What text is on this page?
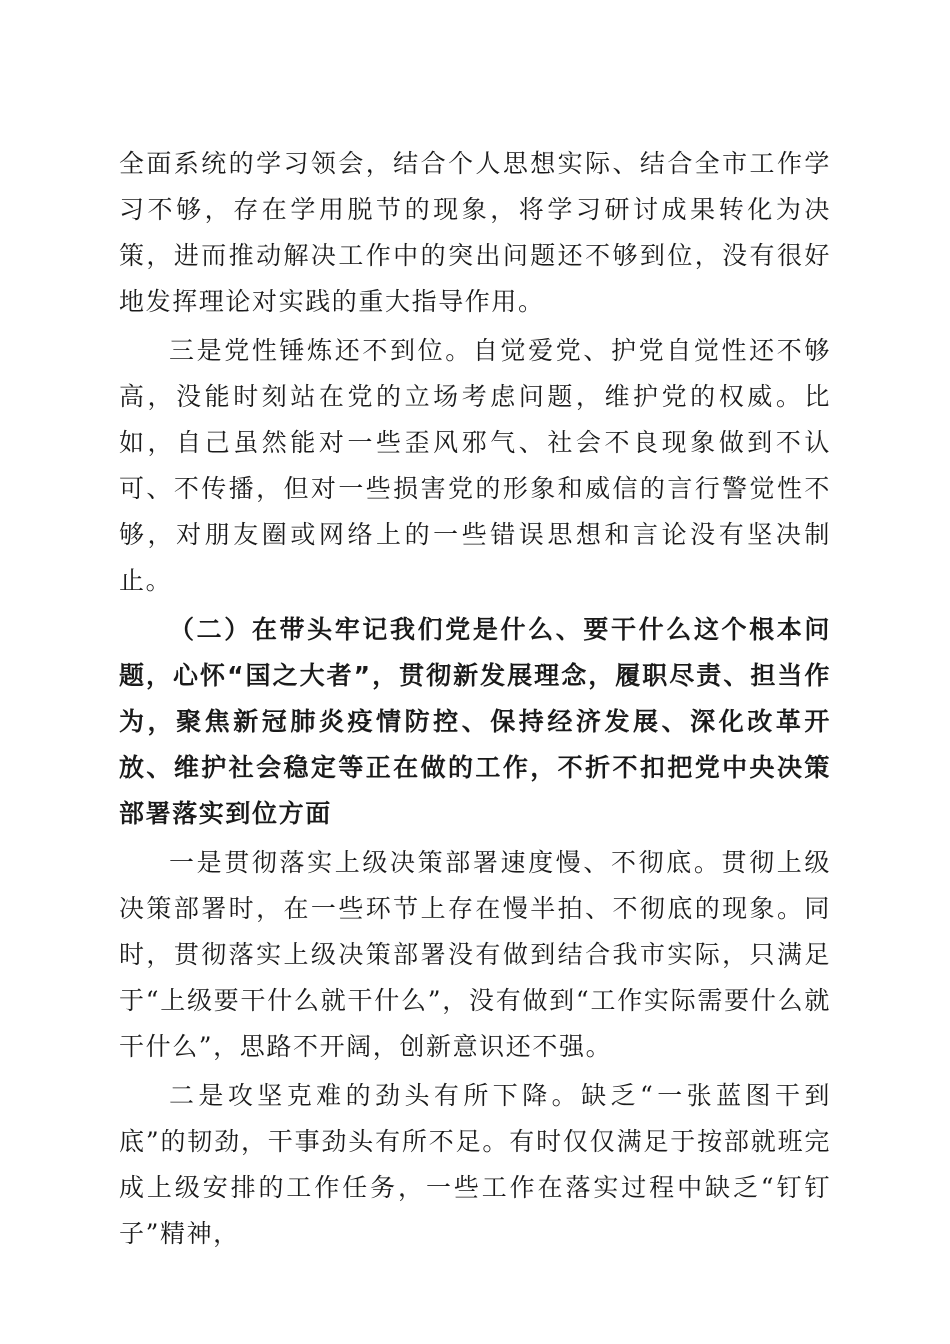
全面系统的学习领会，结合个人思想实际、结合全市工作学习不够，存在学用脱节的现象，将学习研讨成果转化为决策，进而推动解决工作中的突出问题还不够到位，没有很好地发挥理论对实践的重大指导作用。

三是党性锤炼还不到位。自觉爱党、护党自觉性还不够高，没能时刻站在党的立场考虑问题，维护党的权威。比如，自己虽然能对一些歪风邪气、社会不良现象做到不认可、不传播，但对一些损害党的形象和威信的言行警觉性不够，对朋友圈或网络上的一些错误思想和言论没有坚决制止。

（二）在带头牢记我们党是什么、要干什么这个根本问题，心怀“国之大者”，贯彻新发展理念，履职尽责、担当作为，聚焦新冠肺炎疫情防控、保持经济发展、深化改革开放、维护社会稳定等正在做的工作，不折不扣把党中央决策部署落实到位方面

一是贯彻落实上级决策部署速度慢、不彻底。贯彻上级决策部署时，在一些环节上存在慢半拍、不彻底的现象。同时，贯彻落实上级决策部署没有做到结合我市实际，只满足于“上级要干什么就干什么”，没有做到“工作实际需要什么就干什么”，思路不开阔，创新意识还不强。

二是攻坚克难的劲头有所下降。缺乏“一张蓝图干到底”的韧劲，干事劲头有所不足。有时仅仅满足于按部就班完成上级安排的工作任务，一些工作在落实过程中缺乏“钉钉子”精神，
